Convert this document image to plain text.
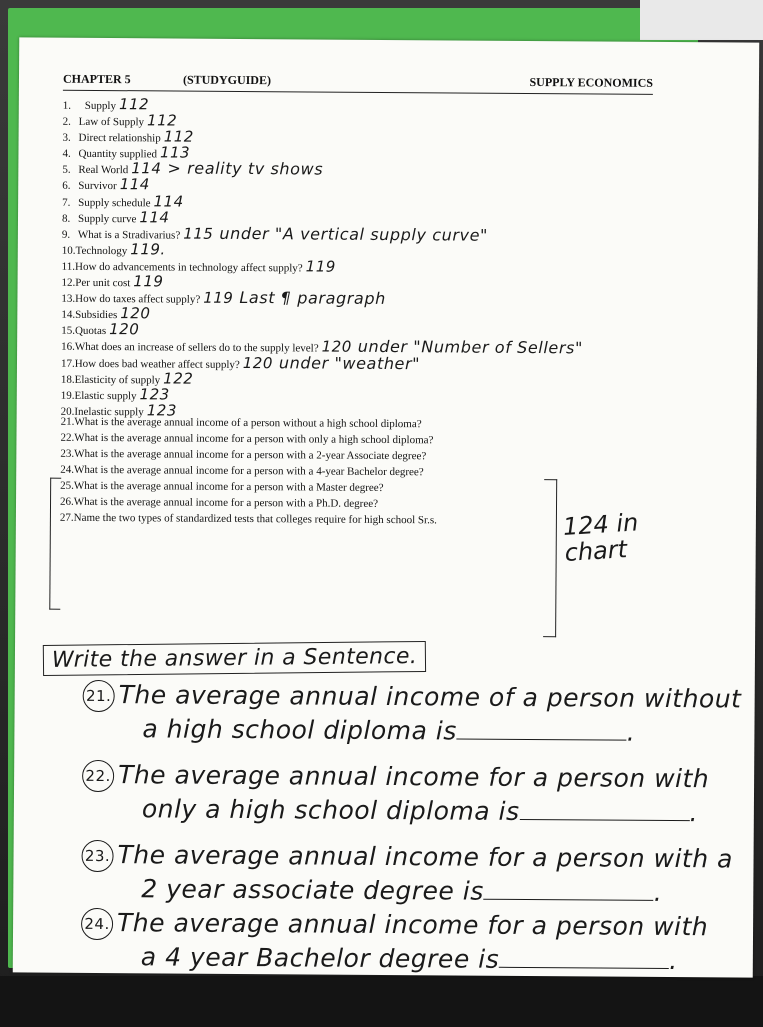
CHAPTER 5	(STUDYGUIDE)	SUPPLY ECONOMICS
1. Supply 112
2. Law of Supply 112
3. Direct relationship 112
4. Quantity supplied 113
5. Real World 114 > reality tv shows
6. Survivor 114
7. Supply schedule 114
8. Supply curve 114
9. What is a Stradivarius? 115 under "A vertical supply curve"
10.Technology 119.
11.How do advancements in technology affect supply? 119
12.Per unit cost 119
13.How do taxes affect supply? 119 Last ¶ paragraph
14.Subsidies 120
15.Quotas 120
16.What does an increase of sellers do to the supply level? 120 under "Number of Sellers"
17.How does bad weather affect supply? 120 under "weather"
18.Elasticity of supply 122
19.Elastic supply 123
20.Inelastic supply 123
21.What is the average annual income of a person without a high school diploma?
22.What is the average annual income for a person with only a high school diploma?
23.What is the average annual income for a person with a 2-year Associate degree?
24.What is the average annual income for a person with a 4-year Bachelor degree?
25.What is the average annual income for a person with a Master degree?
26.What is the average annual income for a person with a Ph.D. degree?
27.Name the two types of standardized tests that colleges require for high school Sr.s.	124 in chart
Write the answer in a Sentence.
21. The average annual income of a person without
a high school diploma is	.
22. The average annual income for a person with
only a high school diploma is	.
23. The average annual income for a person with a
2 year associate degree is	.
24. The average annual income for a person with
a 4 year Bachelor degree is	.
